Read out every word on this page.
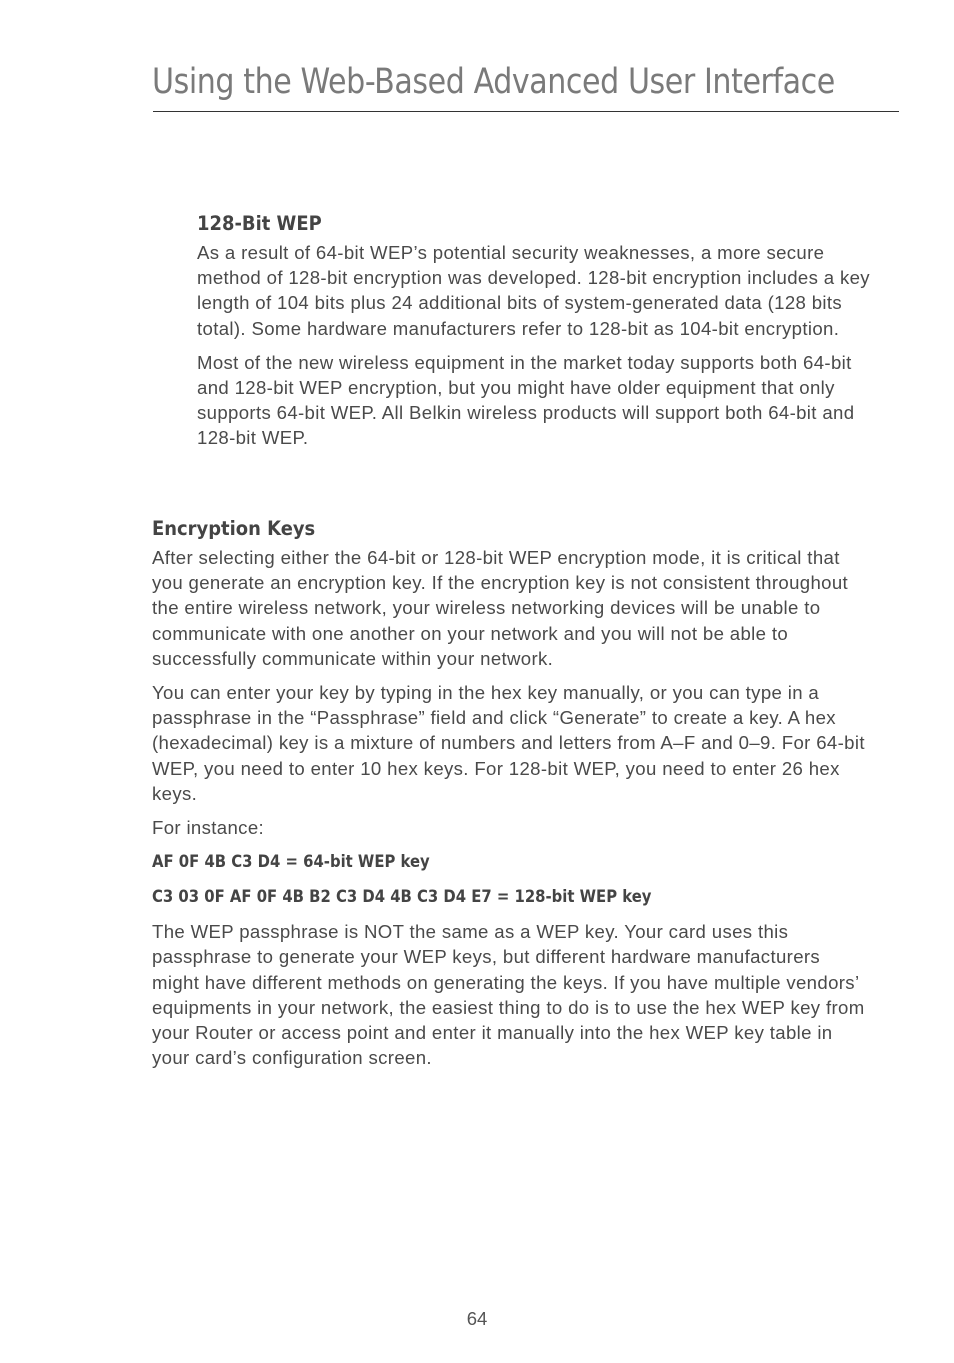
Using the Web-Based Advanced User Interface
128-Bit WEP

As a result of 64-bit WEP’s potential security weaknesses, a more secure method of 128-bit encryption was developed. 128-bit encryption includes a key length of 104 bits plus 24 additional bits of system-generated data (128 bits total). Some hardware manufacturers refer to 128-bit as 104-bit encryption.

Most of the new wireless equipment in the market today supports both 64-bit and 128-bit WEP encryption, but you might have older equipment that only supports 64-bit WEP. All Belkin wireless products will support both 64-bit and 128-bit WEP.

Encryption Keys

After selecting either the 64-bit or 128-bit WEP encryption mode, it is critical that you generate an encryption key. If the encryption key is not consistent throughout the entire wireless network, your wireless networking devices will be unable to communicate with one another on your network and you will not be able to successfully communicate within your network.

You can enter your key by typing in the hex key manually, or you can type in a passphrase in the “Passphrase” field and click “Generate” to create a key. A hex (hexadecimal) key is a mixture of numbers and letters from A–F and 0–9. For 64-bit WEP, you need to enter 10 hex keys. For 128-bit WEP, you need to enter 26 hex keys.

For instance:

AF 0F 4B C3 D4 = 64-bit WEP key
C3 03 0F AF 0F 4B B2 C3 D4 4B C3 D4 E7 = 128-bit WEP key

The WEP passphrase is NOT the same as a WEP key. Your card uses this passphrase to generate your WEP keys, but different hardware manufacturers might have different methods on generating the keys. If you have multiple vendors’ equipments in your network, the easiest thing to do is to use the hex WEP key from your Router or access point and enter it manually into the hex WEP key table in your card’s configuration screen.

64
